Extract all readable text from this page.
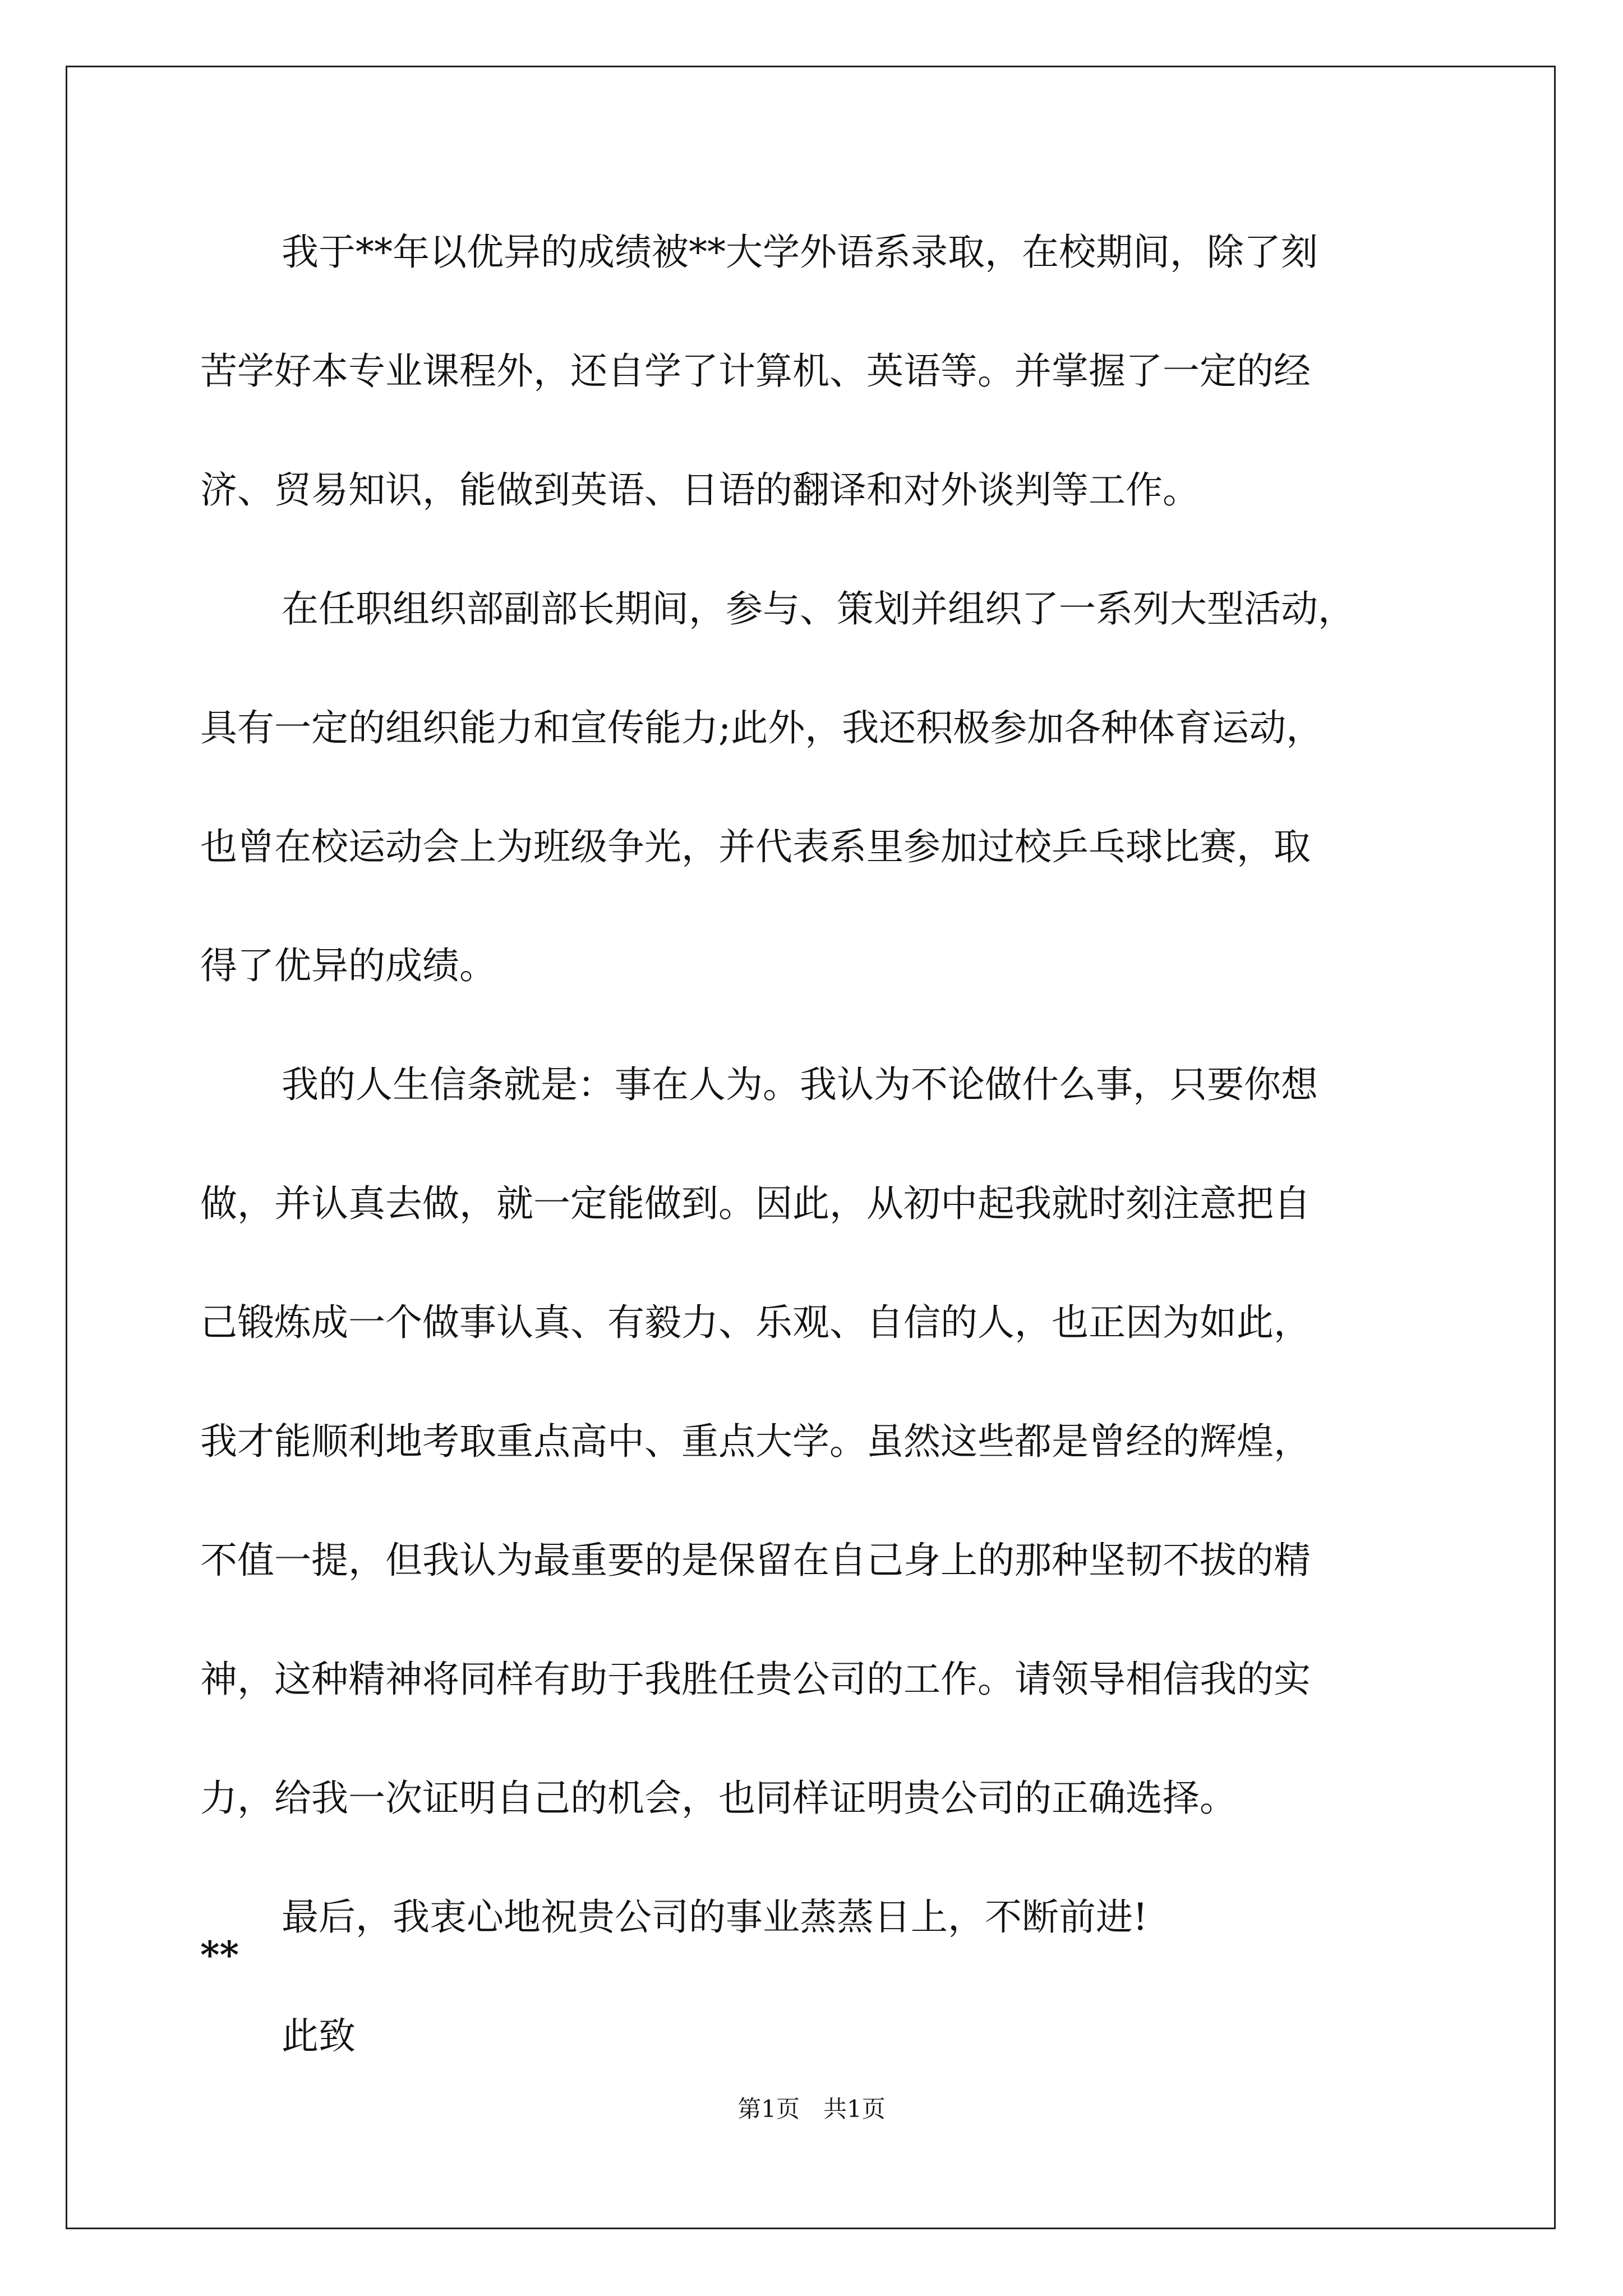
我于**年以优异的成绩被**大学外语系录取，在校期间，除了刻
苦学好本专业课程外，还自学了计算机、英语等。并掌握了一定的经
济、贸易知识，能做到英语、日语的翻译和对外谈判等工作。
在任职组织部副部长期间，参与、策划并组织了一系列大型活动，
具有一定的组织能力和宣传能力;此外，我还积极参加各种体育运动，
也曾在校运动会上为班级争光，并代表系里参加过校乒乓球比赛，取
得了优异的成绩。
我的人生信条就是：事在人为。我认为不论做什么事，只要你想
做，并认真去做，就一定能做到。因此，从初中起我就时刻注意把自
己锻炼成一个做事认真、有毅力、乐观、自信的人，也正因为如此，
我才能顺利地考取重点高中、重点大学。虽然这些都是曾经的辉煌，
不值一提，但我认为最重要的是保留在自己身上的那种坚韧不拔的精
神，这种精神将同样有助于我胜任贵公司的工作。请领导相信我的实
力，给我一次证明自己的机会，也同样证明贵公司的正确选择。
最后，我衷心地祝贵公司的事业蒸蒸日上，不断前进!
此致
**
第1页　共1页
